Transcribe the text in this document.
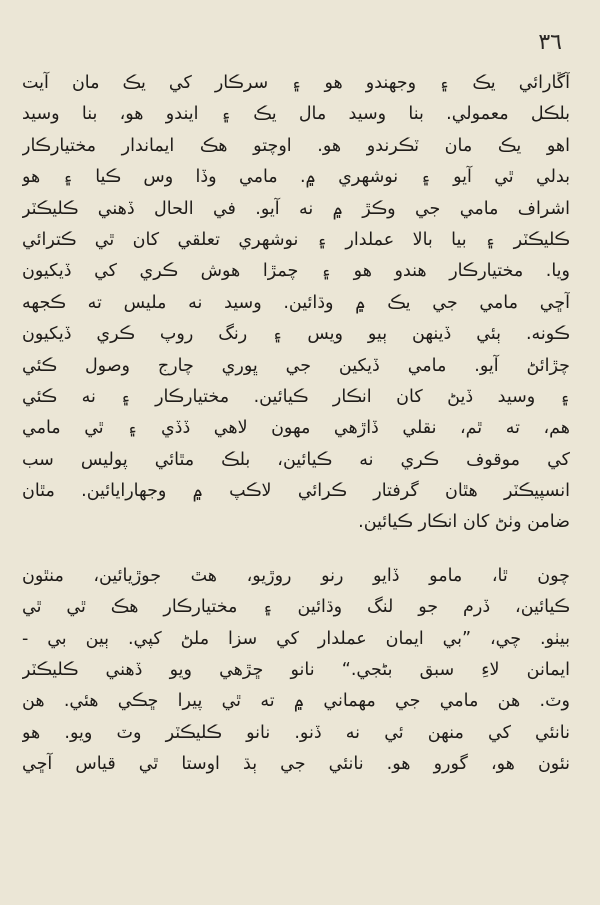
٣٦
آڱارائي يڪ ۽ وجهندو هو ۽ سرڪار کي يڪ مان آيت
بلڪل معمولي. بنا وسيد مال يڪ ۽ ايندو هو، بنا وسيد
اهو يڪ مان ٽڪرندو هو. اوچتو هڪ ايماندار مختيارڪار
بدلي ٿي آيو ۽ نوشهري ۾. مامي وڏا وس ڪيا ۽ هو
اشراف مامي جي وڪڙ ۾ نه آيو. في الحال ڏهني ڪليڪٽر
ڪليڪٽر ۽ بيا بالا عملدار ۽ نوشهري تعلقي کان ٿي ڪترائي
ويا. مختيارڪار هندو هو ۽ چمڙا هوش ڪري کي ڏيکيون
آڇي مامي جي يڪ ۾ وڌائين. وسيد نه مليس ته ڪجهه
ڪونه. ٻئي ڏينهن ٻيو ويس ۽ رنگ روپ ڪري ڏيکيون
چڙائڻ آيو. مامي ڏيکين جي ڀوري چارج وصول ڪئي
۽ وسيد ڏيڻ کان انڪار ڪيائين. مختيارڪار ۽ نه ڪئي
هم، ته ٿم، نقلي ڏاڙهي مهون لاهي ڏڏي ۽ ٿي مامي
کي موقوف ڪري نه ڪيائين، بلڪ مٿائي پوليس سب
انسپيڪٽر هٿان گرفتار ڪرائي لاڪپ ۾ وجهارايائين. مٿان
ضامن وٺڻ کان انڪار ڪيائين.
چون ٿا، مامو ڏايو رنو روڙيو، هٿ جوڙيائين، منٿون
ڪيائين، ڏرم جو لنگ وڌائين ۽ مختيارڪار هڪ ٿي ٿي
بيٺو. چي، ”بي ايمان عملدار کي سزا ملڻ کپي. ٻين بي -
ايمانن لاءِ سبق بڻجي.“ نانو ڇڙهي ويو ڏهني ڪليڪٽر
وٽ. هن مامي جي مهماني ۾ ته ٿي پيرا ڇڪي هئي. هن
نانئي کي منهن ئي نه ڏنو. نانو ڪليڪٽر وٽ ويو. هو
نئون هو، گورو هو. نانئي جي ٻڌ اوستا ٿي قياس آڇي
